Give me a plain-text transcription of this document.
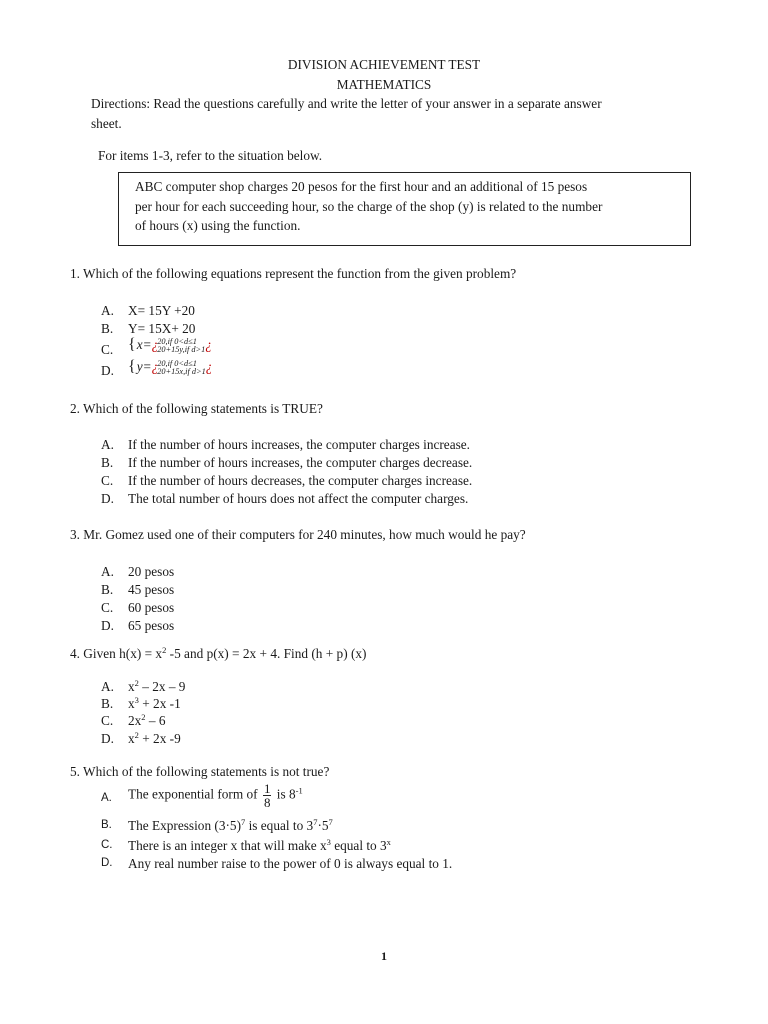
DIVISION ACHIEVEMENT TEST
MATHEMATICS
Directions: Read the questions carefully and write the letter of your answer in a separate answer
sheet.
For items 1-3, refer to the situation below.
ABC computer shop charges 20 pesos for the first hour and an additional of 15 pesos
per hour for each succeeding hour, so the charge of the shop (y) is related to the number
of hours (x) using the function.
1. Which of the following equations represent the function from the given problem?
A. X= 15Y +20
B. Y= 15X+ 20
C. {x=¿ 20,if 0<d≤1
20+15y,if d>1 ¿
D. {y=¿ 20,if 0<d≤1
20+15x,if d>1 ¿
2. Which of the following statements is TRUE?
A. If the number of hours increases, the computer charges increase.
B. If the number of hours increases, the computer charges decrease.
C. If the number of hours decreases, the computer charges increase.
D. The total number of hours does not affect the computer charges.
3. Mr. Gomez used one of their computers for 240 minutes, how much would he pay?
A. 20 pesos
B. 45 pesos
C. 60 pesos
D. 65 pesos
4. Given $h(x) = x^2$ -5 and p(x) = 2x + 4. Find (h + p) (x)
A. $x^2 - 2x - 9$
B. $x^3 + 2x$ -1
C. $2x^2 - 6$
D. $x^2 + 2x$ -9
5. Which of the following statements is not true?
A. The exponential form of $\frac{1}{8}$ is $8^{-1}$
B. The Expression $(3\cdot 5)^7$ is equal to $3^7\cdot 5^7$
C. There is an integer x that will make $x^3$ equal to 3$^x$
D. Any real number raise to the power of 0 is always equal to 1.
1
